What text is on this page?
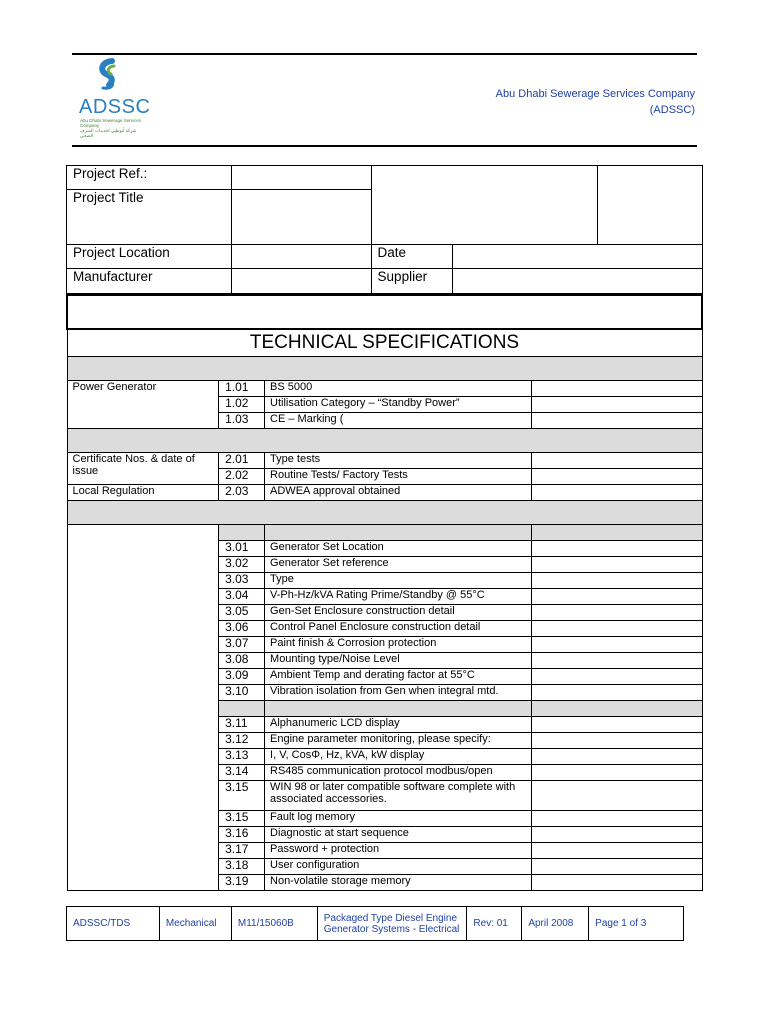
ADSSC
Abu Dhabi Sewerage Services Company
شركة أبوظبي لخدمات الصرف الصحي
Abu Dhabi Sewerage Services Company
(ADSSC)
Project Ref.:				
Project Title				
Project Location		Date		
Manufacturer		Supplier		

TECHNICAL SPECIFICATIONS			

Power Generator	1.01	BS 5000	
	1.02	Utilisation Category – “Standby Power”	
	1.03	CE – Marking (	

Certificate Nos. & date of issue	2.01	Type tests	
	2.02	Routine Tests/ Factory Tests	
Local Regulation	2.03	ADWEA approval obtained	

	3.01	Generator Set Location	
	3.02	Generator Set reference	
	3.03	Type	
	3.04	V-Ph-Hz/kVA Rating Prime/Standby @ 55°C	
	3.05	Gen-Set Enclosure construction detail	
	3.06	Control Panel Enclosure construction detail	
	3.07	Paint finish & Corrosion protection	
	3.08	Mounting type/Noise Level	
	3.09	Ambient Temp and derating factor at 55°C	
	3.10	Vibration isolation from Gen when integral mtd.	

	3.11	Alphanumeric LCD display	
	3.12	Engine parameter monitoring, please specify:	
	3.13	I, V, CosΦ, Hz, kVA, kW display	
	3.14	RS485 communication protocol modbus/open	
	3.15	WIN 98 or later compatible software complete with associated accessories.	
	3.15	Fault log memory	
	3.16	Diagnostic at start sequence	
	3.17	Password + protection	
	3.18	User configuration	
	3.19	Non-volatile storage memory	
ADSSC/TDS	Mechanical	M11/15060B	Packaged Type Diesel Engine Generator Systems - Electrical	Rev: 01	April 2008	Page 1 of 3
